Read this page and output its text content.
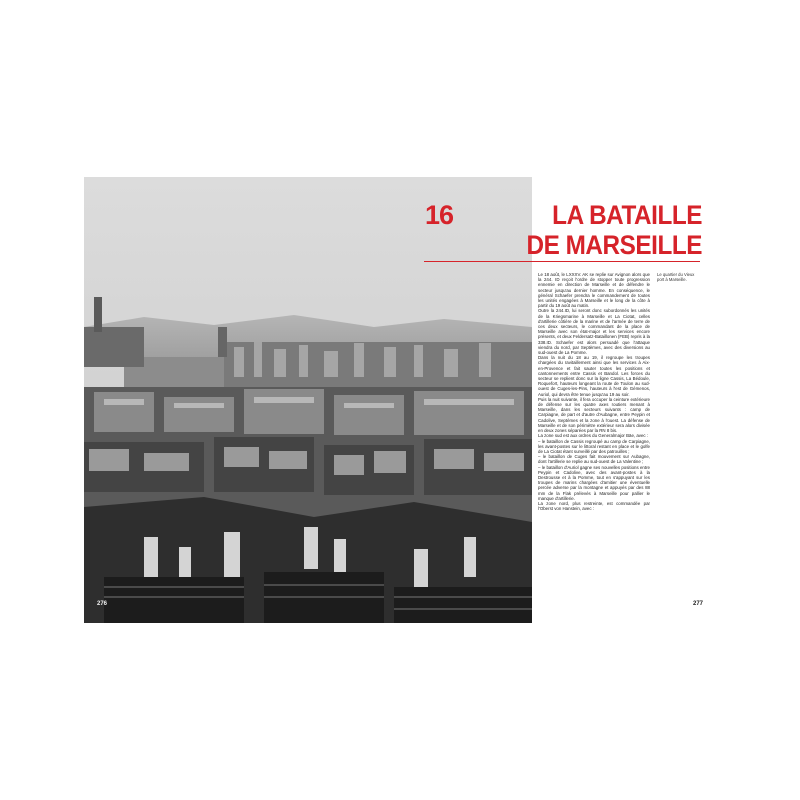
276
16	LA BATAILLE
DE MARSEILLE

Le 18 août, le LXXXV. AK se replie sur Avignon alors que la 244. ID reçoit l'ordre de stopper toute progression ennemie en direction de Marseille et de défendre le secteur jusqu'au dernier homme. En conséquence, le général Schaefer prendra le commandement de toutes les unités engagées à Marseille et le long de la côte à partir du 19 août au matin.

Outre la 244.ID, lui seront donc subordonnés les unités de la Kriegsmarine à Marseille et La Ciotat, celles d'artillerie côtière de la marine et de l'armée de terre de ces deux secteurs, le commandant de la place de Marseille avec son état-major et les services encore présents, et deux Feldersatz-Bataillonen (FEB) repris à la 338.ID. Schaefer est alors persuadé que l'attaque viendra du nord, par Septèmes, avec des diversions au sud-ouest de La Pomme.

Dans la nuit du 18 au 19, il regroupe les troupes chargées du ravitaillement ainsi que les services à Aix-en-Provence et fait sauter toutes les positions et cantonnements entre Cassis et Bandol. Les forces du secteur se replient donc sur la ligne Cassis, La Bédoule, Roquefort, hauteurs longeant la route de Toulon au sud-ouest de Cuges-les-Pins, hauteurs à l'est de Gémenos, Auriol, qui devra être tenue jusqu'au 19 au soir.

Puis la nuit suivante, il fera occuper la ceinture extérieure de défense sur les quatre axes routiers menant à Marseille, dans les secteurs suivants : camp de Carpiagne, de part et d'autre d'Aubagne, entre Peypin et Cadolive, Septèmes et la zone à l'ouest. La défense de Marseille et de son périmètre extérieur sera alors divisée en deux zones séparées par la RN 8 bis.

La zone sud est aux ordres du Generalmajor Bäe, avec :

– le bataillon de Cassis regroupé au camp de Carpiagne, les avant-postes sur le littoral restant en place et le golfe de La Ciotat étant surveillé par des patrouilles ;

– le bataillon de Cuges fait mouvement sur Aubagne, dont l'artillerie se replie au sud-ouest de La Valentine ;

– le bataillon d'Auriol gagne ses nouvelles positions entre Peypin et Cadolive, avec des avant-postes à la Destrousse et à la Pomme, tout en s'appuyant sur les troupes de marins chargées d'amitier une éventuelle percée adverse par la montagne et appuyés par des 88 mm de la Flak prélevés à Marseille pour pallier le manque d'artillerie.

La zone nord, plus restreinte, est commandée par l'Oberst von Hanstein, avec :

Le quartier du Vieux port à Marseille.
277
